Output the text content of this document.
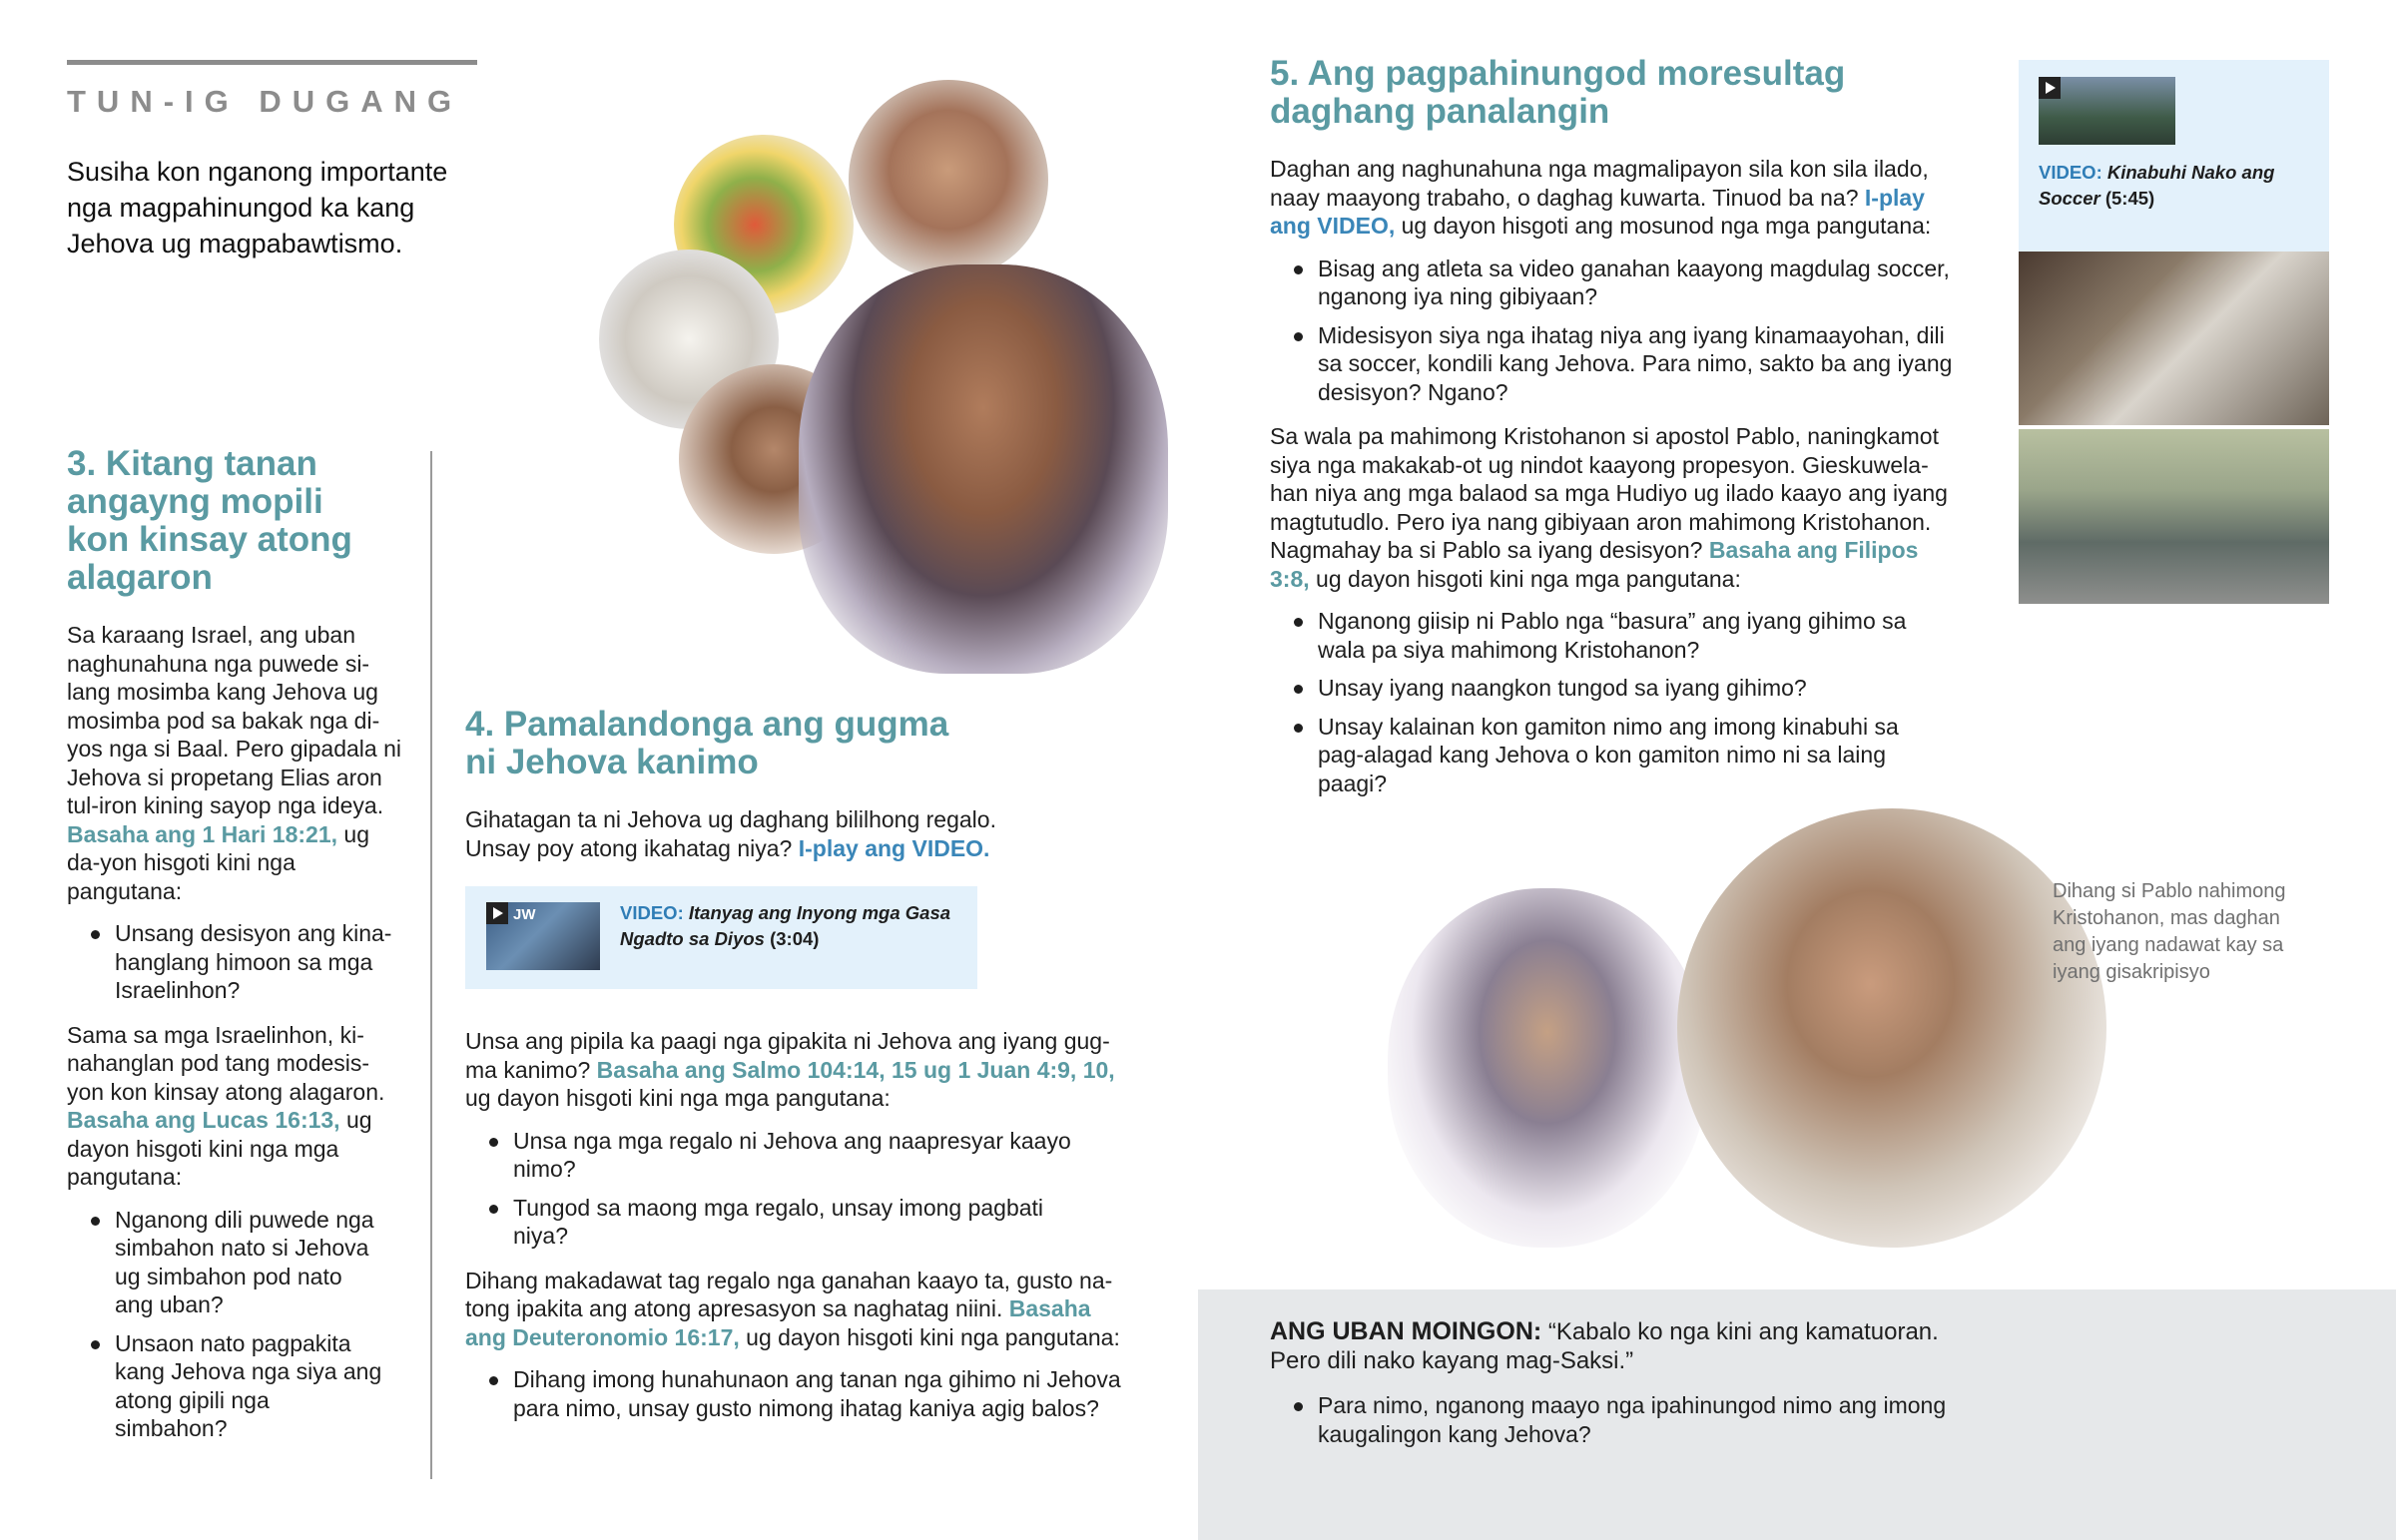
TUN-IG DUGANG
Susiha kon nganong importante nga magpahinungod ka kang Jehova ug magpabawtismo.
3. Kitang tanan angayng mopili kon kinsay atong alagaron
Sa karaang Israel, ang uban naghunahuna nga puwede si-lang mosimba kang Jehova ug mosimba pod sa bakak nga di-yos nga si Baal. Pero gipadala ni Jehova si propetang Elias aron tul-iron kining sayop nga ideya. Basaha ang 1 Hari 18:21, ug da-yon hisgoti kini nga pangutana:
Unsang desisyon ang kina-hanglang himoon sa mga Israelinhon?
Sama sa mga Israelinhon, ki-nahanglan pod tang modesis-yon kon kinsay atong alagaron. Basaha ang Lucas 16:13, ug dayon hisgoti kini nga mga pangutana:
Nganong dili puwede nga simbahon nato si Jehova ug simbahon pod nato ang uban?
Unsaon nato pagpakita kang Jehova nga siya ang atong gipili nga simbahon?
4. Pamalandonga ang gugma ni Jehova kanimo
Gihatagan ta ni Jehova ug daghang bililhong regalo. Unsay poy atong ikahatag niya? I-play ang VIDEO.
JW	VIDEO: Itanyag ang Inyong mga Gasa Ngadto sa Diyos (3:04)
Unsa ang pipila ka paagi nga gipakita ni Jehova ang iyang gug-ma kanimo? Basaha ang Salmo 104:14, 15 ug 1 Juan 4:9, 10, ug dayon hisgoti kini nga mga pangutana:
Unsa nga mga regalo ni Jehova ang naapresyar kaayo nimo?
Tungod sa maong mga regalo, unsay imong pagbati niya?
Dihang makadawat tag regalo nga ganahan kaayo ta, gusto na-tong ipakita ang atong apresasyon sa naghatag niini. Basaha ang Deuteronomio 16:17, ug dayon hisgoti kini nga pangutana:
Dihang imong hunahunaon ang tanan nga gihimo ni Jehova para nimo, unsay gusto nimong ihatag kaniya agig balos?
5. Ang pagpahinungod moresultag daghang panalangin
Daghan ang naghunahuna nga magmalipayon sila kon sila ilado, naay maayong trabaho, o daghag kuwarta. Tinuod ba na? I-play ang VIDEO, ug dayon hisgoti ang mosunod nga mga pangutana:
Bisag ang atleta sa video ganahan kaayong magdulag soccer, nganong iya ning gibiyaan?
Midesisyon siya nga ihatag niya ang iyang kinamaayohan, dili sa soccer, kondili kang Jehova. Para nimo, sakto ba ang iyang desisyon? Ngano?
Sa wala pa mahimong Kristohanon si apostol Pablo, naningkamot siya nga makakab-ot ug nindot kaayong propesyon. Gieskuwela-han niya ang mga balaod sa mga Hudiyo ug ilado kaayo ang iyang magtutudlo. Pero iya nang gibiyaan aron mahimong Kristohanon. Nagmahay ba si Pablo sa iyang desisyon? Basaha ang Filipos 3:8, ug dayon hisgoti kini nga mga pangutana:
Nganong giisip ni Pablo nga “basura” ang iyang gihimo sa wala pa siya mahimong Kristohanon?
Unsay iyang naangkon tungod sa iyang gihimo?
Unsay kalainan kon gamiton nimo ang imong kinabuhi sa pag-alagad kang Jehova o kon gamiton nimo ni sa laing paagi?
VIDEO: Kinabuhi Nako ang Soccer (5:45)
Dihang si Pablo nahimong Kristohanon, mas daghan ang iyang nadawat kay sa iyang gisakripisyo
ANG UBAN MOINGON: “Kabalo ko nga kini ang kamatuoran. Pero dili nako kayang mag-Saksi.”
Para nimo, nganong maayo nga ipahinungod nimo ang imong kaugalingon kang Jehova?
